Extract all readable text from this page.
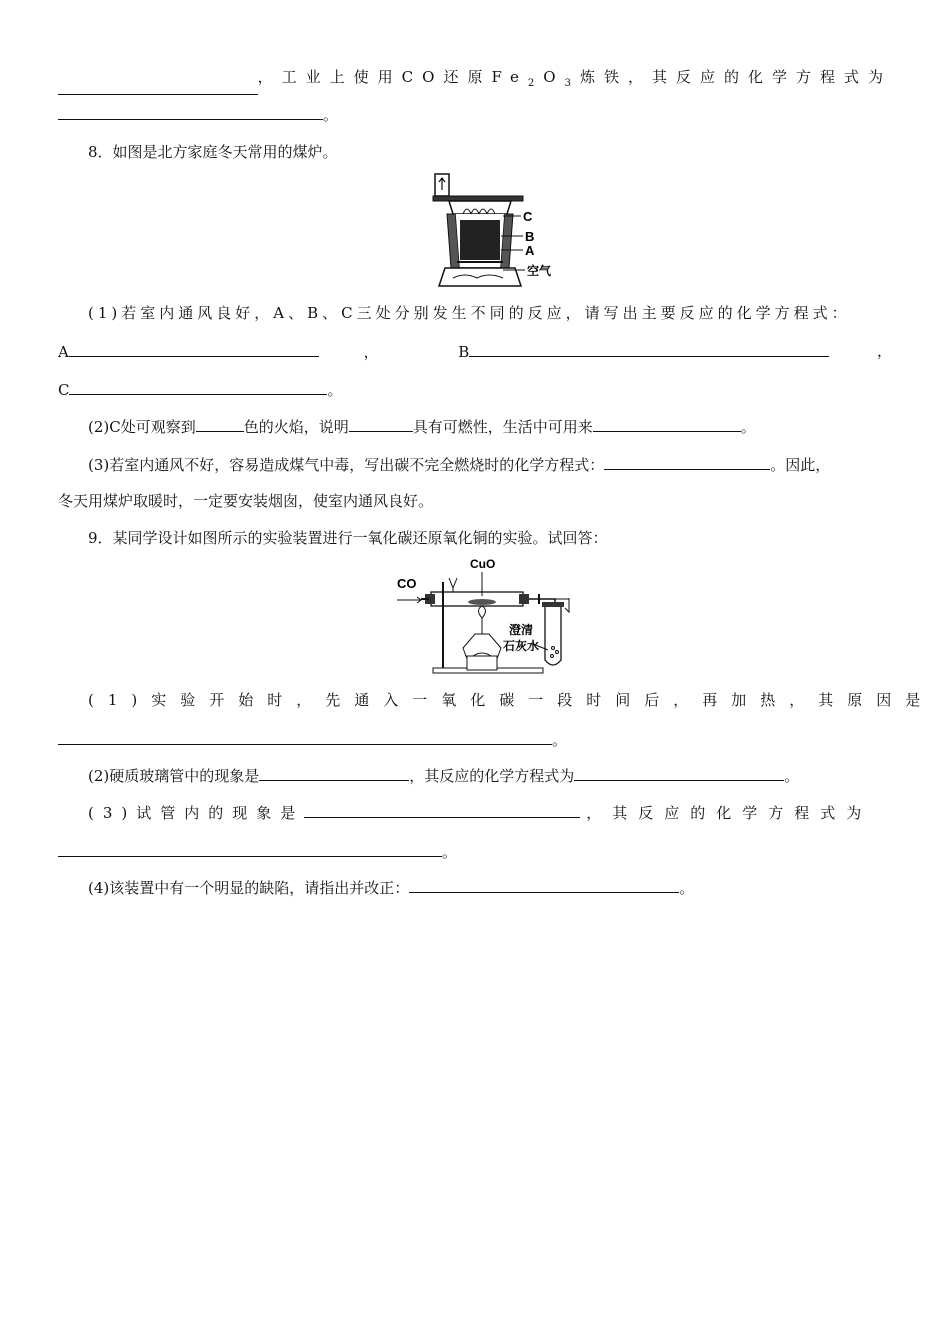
，工业上使用CO还原$Fe_2O_3$炼铁，其反应的化学方程式为
。
8．如图是北方家庭冬天常用的煤炉。
C
B
A
空气
(1)若室内通风良好，A、B、C三处分别发生不同的反应，请写出主要反应的化学方程式：
A	，	B	，
C	。
(2)C处可观察到	色的火焰，说明	具有可燃性，生活中可用来	。
(3)若室内通风不好，容易造成煤气中毒，写出碳不完全燃烧时的化学方程式：	。因此，
冬天用煤炉取暖时，一定要安装烟囱，使室内通风良好。
9．某同学设计如图所示的实验装置进行一氧化碳还原氧化铜的实验。试回答：
CO
CuO
澄清
石灰水
(1)实验开始时，先通入一氧化碳一段时间后，再加热，其原因是
。
(2)硬质玻璃管中的现象是	，其反应的化学方程式为	。
(3)试管内的现象是	，其反应的化学方程式为
。
(4)该装置中有一个明显的缺陷，请指出并改正：	。
